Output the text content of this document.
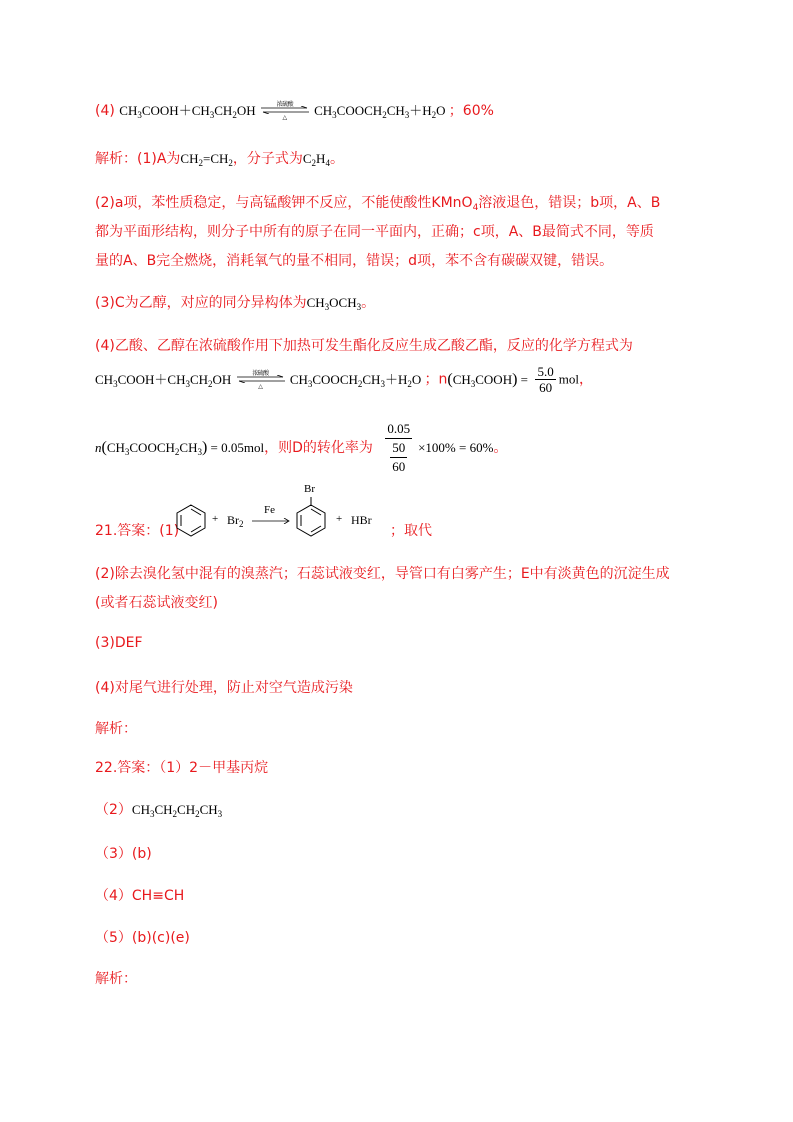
(4) $CH_3COOH+CH_3CH_2OH$	浓硫酸
△	$CH_3COOCH_2CH_3+H_2O$ ；60%
解析：(1)A为$CH_2=CH_2$，分子式为$C_2H_4$。
(2)a项，苯性质稳定，与高锰酸钾不反应，不能使酸性KMnO$_4$溶液退色，错误；b项，A、B
都为平面形结构，则分子中所有的原子在同一平面内，正确；c项，A、B最简式不同，等质
量的A、B完全燃烧，消耗氧气的量不相同，错误；d项，苯不含有碳碳双键，错误。
(3)C为乙醇，对应的同分异构体为$CH_3OCH_3$。
(4)乙酸、乙醇在浓硫酸作用下加热可发生酯化反应生成乙酸乙酯，反应的化学方程式为
$CH_3COOH+CH_3CH_2OH$	浓硫酸
△	$CH_3COOCH_2CH_3+H_2O$ ；$n(CH_3COOH) = \frac{5.0}{60}$ mol，
$n(CH_3COOCH_2CH_3) = 0.05mol$，则D的转化率为 $\frac{0.05}{\frac{50}{60}} \times 100\% = 60\%$。
21.答案：(1)
+ $Br_2$
Fe
Br
+ HBr
；取代
(2)除去溴化氢中混有的溴蒸汽；石蕊试液变红，导管口有白雾产生；E中有淡黄色的沉淀生成
(或者石蕊试液变红)
(3)DEF
(4)对尾气进行处理，防止对空气造成污染
解析：
22.答案：（1）2－甲基丙烷
$(2)CH_3CH_2CH_2CH_3$
（3）(b)
（4）CH≡CH
（5）(b)(c)(e)
解析：
